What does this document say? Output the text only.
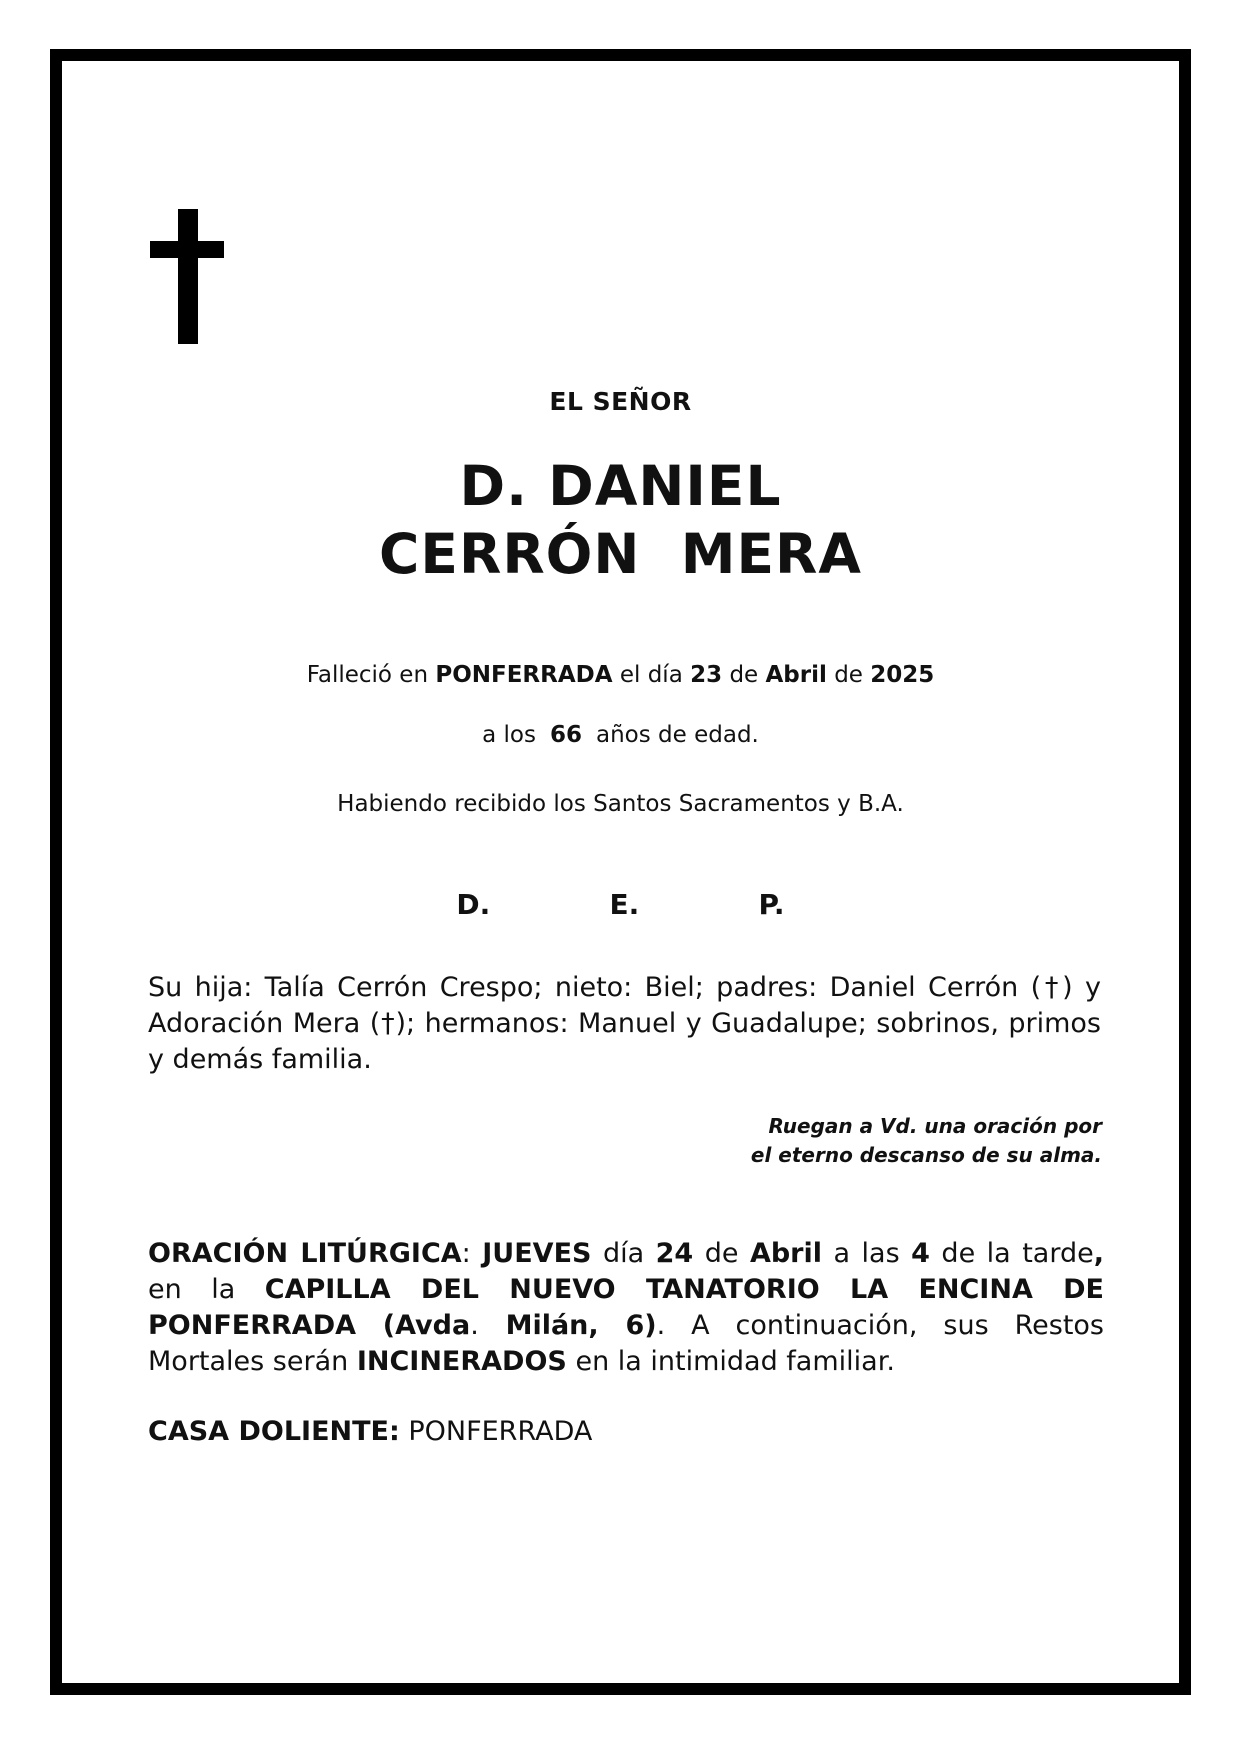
EL SEÑOR
D. DANIEL
CERRÓN  MERA
Falleció en PONFERRADA el día 23 de Abril de 2025
a los 66 años de edad.
Habiendo recibido los Santos Sacramentos y B.A.
D.   E.   P.
Su hija: Talía Cerrón Crespo; nieto: Biel; padres: Daniel Cerrón (†) y Adoración Mera (†); hermanos: Manuel y Guadalupe; sobrinos, primos y demás familia.
Ruegan a Vd. una oración por
el eterno descanso de su alma.
ORACIÓN LITÚRGICA: JUEVES día 24 de Abril a las 4 de la tarde, en la CAPILLA DEL NUEVO TANATORIO LA ENCINA DE PONFERRADA (Avda. Milán, 6). A continuación, sus Restos Mortales serán INCINERADOS en la intimidad familiar.
CASA DOLIENTE: PONFERRADA
